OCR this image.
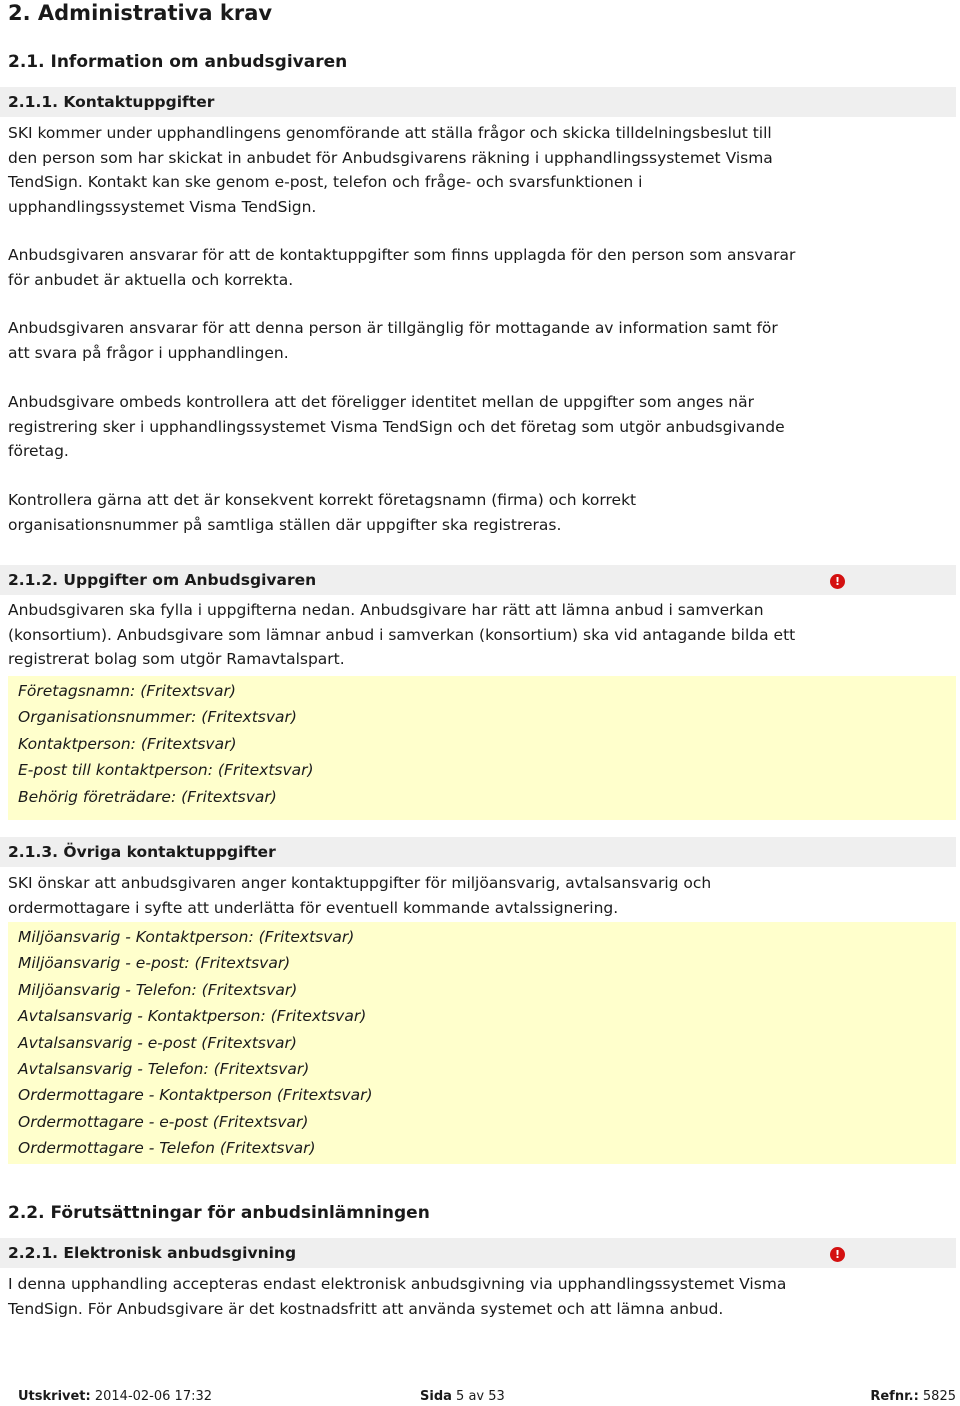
2. Administrativa krav
2.1. Information om anbudsgivaren
2.1.1. Kontaktuppgifter

SKI kommer under upphandlingens genomförande att ställa frågor och skicka tilldelningsbeslut till den person som har skickat in anbudet för Anbudsgivarens räkning i upphandlingssystemet Visma TendSign. Kontakt kan ske genom e-post, telefon och fråge- och svarsfunktionen i upphandlingssystemet Visma TendSign.

Anbudsgivaren ansvarar för att de kontaktuppgifter som finns upplagda för den person som ansvarar för anbudet är aktuella och korrekta.

Anbudsgivaren ansvarar för att denna person är tillgänglig för mottagande av information samt för att svara på frågor i upphandlingen.

Anbudsgivare ombeds kontrollera att det föreligger identitet mellan de uppgifter som anges när registrering sker i upphandlingssystemet Visma TendSign och det företag som utgör anbudsgivande företag.

Kontrollera gärna att det är konsekvent korrekt företagsnamn (firma) och korrekt organisationsnummer på samtliga ställen där uppgifter ska registreras.

2.1.2. Uppgifter om Anbudsgivaren	!

Anbudsgivaren ska fylla i uppgifterna nedan. Anbudsgivare har rätt att lämna anbud i samverkan (konsortium). Anbudsgivare som lämnar anbud i samverkan (konsortium) ska vid antagande bilda ett registrerat bolag som utgör Ramavtalspart.

Företagsnamn: (Fritextsvar)
Organisationsnummer: (Fritextsvar)
Kontaktperson: (Fritextsvar)
E-post till kontaktperson: (Fritextsvar)
Behörig företrädare: (Fritextsvar)
2.1.3. Övriga kontaktuppgifter

SKI önskar att anbudsgivaren anger kontaktuppgifter för miljöansvarig, avtalsansvarig och ordermottagare i syfte att underlätta för eventuell kommande avtalssignering.

Miljöansvarig - Kontaktperson: (Fritextsvar)
Miljöansvarig - e-post: (Fritextsvar)
Miljöansvarig - Telefon: (Fritextsvar)
Avtalsansvarig - Kontaktperson: (Fritextsvar)
Avtalsansvarig - e-post (Fritextsvar)
Avtalsansvarig - Telefon: (Fritextsvar)
Ordermottagare - Kontaktperson (Fritextsvar)
Ordermottagare - e-post (Fritextsvar)
Ordermottagare - Telefon (Fritextsvar)
2.2. Förutsättningar för anbudsinlämningen
2.2.1. Elektronisk anbudsgivning	!

I denna upphandling accepteras endast elektronisk anbudsgivning via upphandlingssystemet Visma TendSign. För Anbudsgivare är det kostnadsfritt att använda systemet och att lämna anbud.

Utskrivet: 2014-02-06 17:32	Sida 5 av 53	Refnr.: 5825
